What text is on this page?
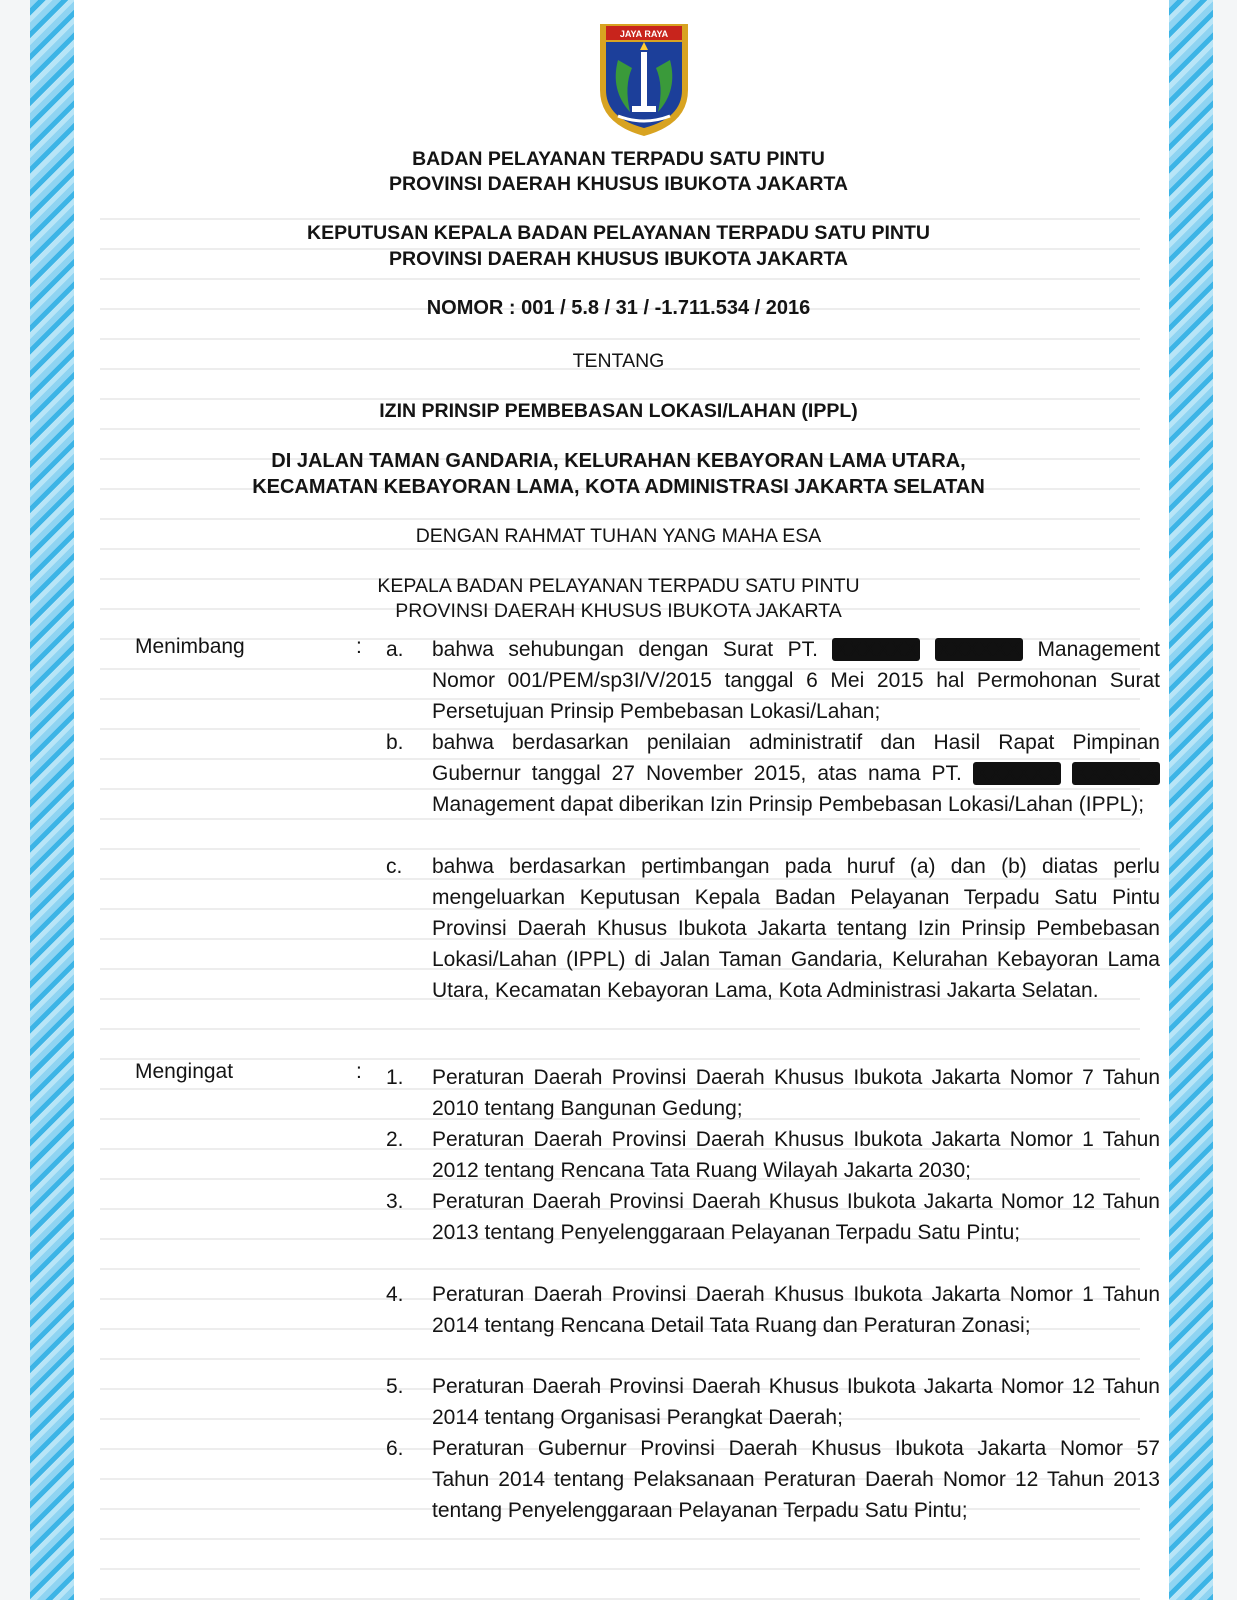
JAYA RAYA
BADAN PELAYANAN TERPADU SATU PINTU
PROVINSI DAERAH KHUSUS IBUKOTA JAKARTA
KEPUTUSAN KEPALA BADAN PELAYANAN TERPADU SATU PINTU
PROVINSI DAERAH KHUSUS IBUKOTA JAKARTA
NOMOR : 001 / 5.8 / 31 / -1.711.534 / 2016
TENTANG
IZIN PRINSIP PEMBEBASAN LOKASI/LAHAN (IPPL)
DI JALAN TAMAN GANDARIA, KELURAHAN KEBAYORAN LAMA UTARA,
KECAMATAN KEBAYORAN LAMA, KOTA ADMINISTRASI JAKARTA SELATAN
DENGAN RAHMAT TUHAN YANG MAHA ESA
KEPALA BADAN PELAYANAN TERPADU SATU PINTU
PROVINSI DAERAH KHUSUS IBUKOTA JAKARTA
Menimbang	: a. bahwa sehubungan dengan Surat PT. XXXXXX XXXXXX Management Nomor 001/PEM/sp3I/V/2015 tanggal 6 Mei 2015 hal Permohonan Surat Persetujuan Prinsip Pembebasan Lokasi/Lahan;
b. bahwa berdasarkan penilaian administratif dan Hasil Rapat Pimpinan Gubernur tanggal 27 November 2015, atas nama PT. XXXXXX XXXXXX Management dapat diberikan Izin Prinsip Pembebasan Lokasi/Lahan (IPPL);
c. bahwa berdasarkan pertimbangan pada huruf (a) dan (b) diatas perlu mengeluarkan Keputusan Kepala Badan Pelayanan Terpadu Satu Pintu Provinsi Daerah Khusus Ibukota Jakarta tentang Izin Prinsip Pembebasan Lokasi/Lahan (IPPL) di Jalan Taman Gandaria, Kelurahan Kebayoran Lama Utara, Kecamatan Kebayoran Lama, Kota Administrasi Jakarta Selatan.
Mengingat	: 1. Peraturan Daerah Provinsi Daerah Khusus Ibukota Jakarta Nomor 7 Tahun 2010 tentang Bangunan Gedung;
2. Peraturan Daerah Provinsi Daerah Khusus Ibukota Jakarta Nomor 1 Tahun 2012 tentang Rencana Tata Ruang Wilayah Jakarta 2030;
3. Peraturan Daerah Provinsi Daerah Khusus Ibukota Jakarta Nomor 12 Tahun 2013 tentang Penyelenggaraan Pelayanan Terpadu Satu Pintu;
4. Peraturan Daerah Provinsi Daerah Khusus Ibukota Jakarta Nomor 1 Tahun 2014 tentang Rencana Detail Tata Ruang dan Peraturan Zonasi;
5. Peraturan Daerah Provinsi Daerah Khusus Ibukota Jakarta Nomor 12 Tahun 2014 tentang Organisasi Perangkat Daerah;
6. Peraturan Gubernur Provinsi Daerah Khusus Ibukota Jakarta Nomor 57 Tahun 2014 tentang Pelaksanaan Peraturan Daerah Nomor 12 Tahun 2013 tentang Penyelenggaraan Pelayanan Terpadu Satu Pintu;
